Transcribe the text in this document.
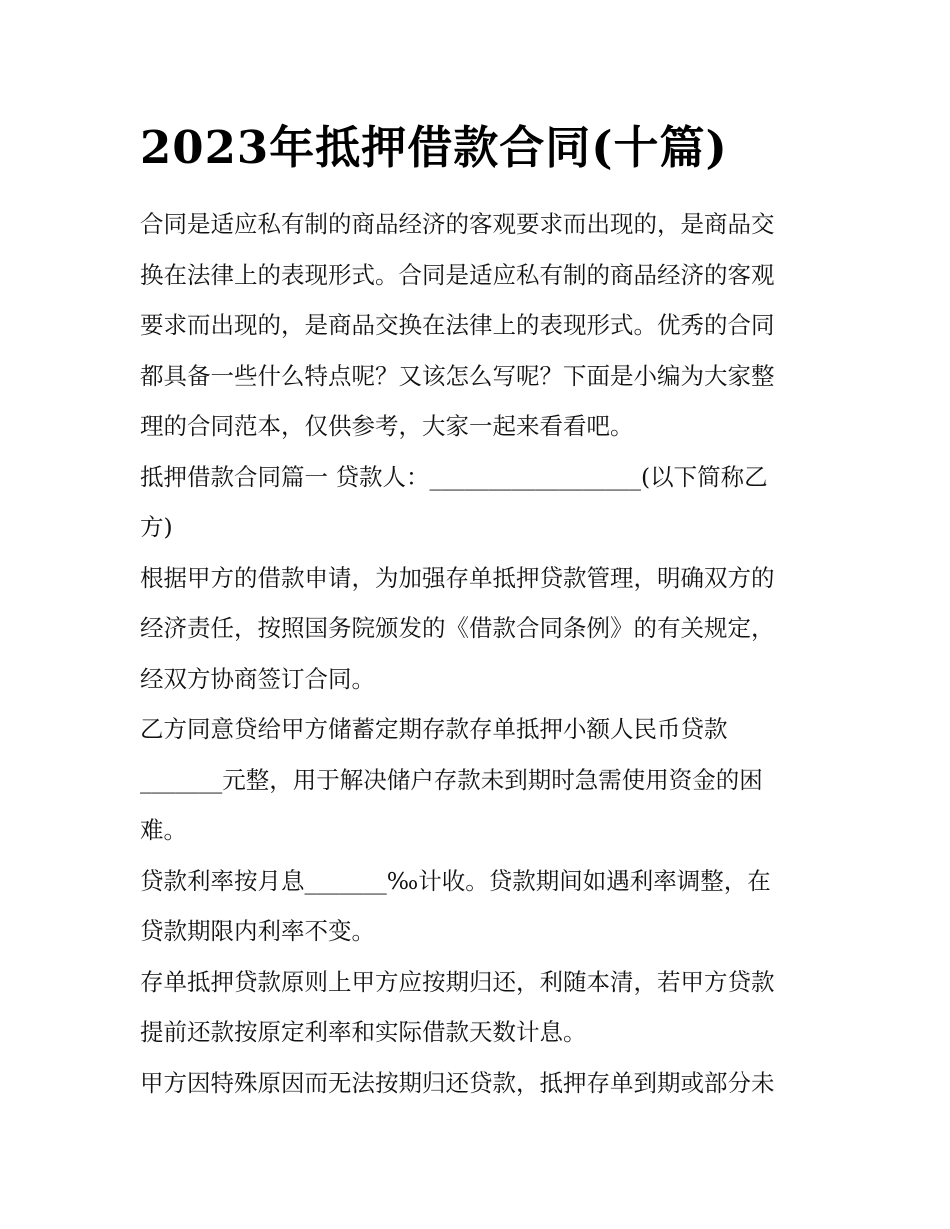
2023年抵押借款合同(十篇)

合同是适应私有制的商品经济的客观要求而出现的，是商品交
换在法律上的表现形式。合同是适应私有制的商品经济的客观
要求而出现的，是商品交换在法律上的表现形式。优秀的合同
都具备一些什么特点呢？又该怎么写呢？下面是小编为大家整
理的合同范本，仅供参考，大家一起来看看吧。

抵押借款合同篇一 贷款人：__________________(以下简称乙
方)

根据甲方的借款申请，为加强存单抵押贷款管理，明确双方的
经济责任，按照国务院颁发的《借款合同条例》的有关规定，
经双方协商签订合同。

乙方同意贷给甲方储蓄定期存款存单抵押小额人民币贷款
_______元整，用于解决储户存款未到期时急需使用资金的困
难。

贷款利率按月息_______‰计收。贷款期间如遇利率调整，在
贷款期限内利率不变。

存单抵押贷款原则上甲方应按期归还，利随本清，若甲方贷款
提前还款按原定利率和实际借款天数计息。

甲方因特殊原因而无法按期归还贷款，抵押存单到期或部分未
